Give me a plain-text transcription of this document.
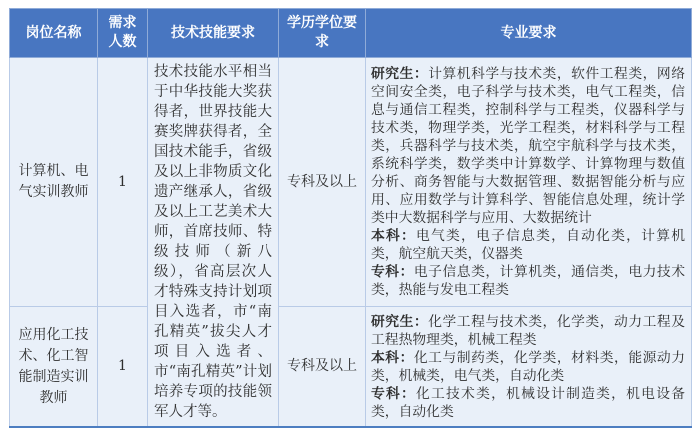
岗位名称	需求人数	技术技能要求	学历学位要求	专业要求
计算机、电气实训教师	1	技术技能水平相当于中华技能大奖获得者，世界技能大赛奖牌获得者，全国技术能手，省级及以上非物质文化遗产继承人，省级及以上工艺美术大师，首席技师、特级技师（新八级），省高层次人才特殊支持计划项目入选者，市“南孔精英”拔尖人才项目入选者、市“南孔精英”计划培养专项的技能领军人才等。	专科及以上	研究生：计算机科学与技术类，软件工程类，网络空间安全类，电子科学与技术类，电气工程类，信息与通信工程类，控制科学与工程类，仪器科学与技术类，物理学类，光学工程类，材料科学与工程类，兵器科学与技术类，航空宇航科学与技术类，系统科学类，数学类中计算数学、计算物理与数值分析、商务智能与大数据管理、数据智能分析与应用、应用数学与计算科学、智能信息处理，统计学类中大数据科学与应用、大数据统计
本科：电气类，电子信息类，自动化类，计算机类，航空航天类，仪器类
专科：电子信息类，计算机类，通信类，电力技术类，热能与发电工程类

应用化工技术、化工智能制造实训教师	1		专科及以上	研究生：化学工程与技术类，化学类，动力工程及工程热物理类，机械工程类
本科：化工与制药类，化学类，材料类，能源动力类，机械类，电气类，自动化类
专科：化工技术类，机械设计制造类，机电设备类，自动化类
